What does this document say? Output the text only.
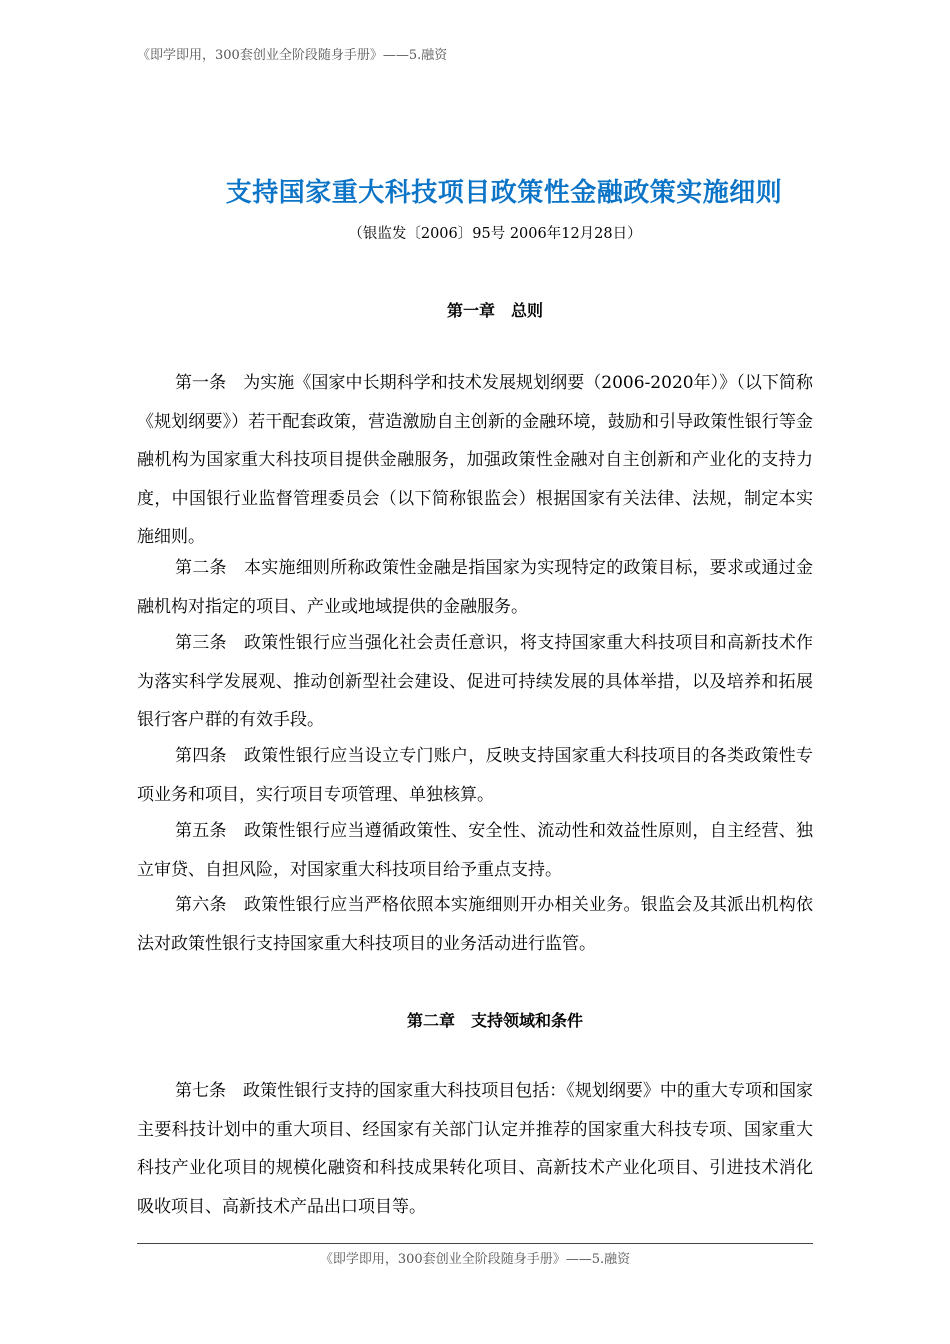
《即学即用，300套创业全阶段随身手册》——5.融资
支持国家重大科技项目政策性金融政策实施细则
（银监发〔2006〕95号 2006年12月28日）
第一章　总则

第一条　为实施《国家中长期科学和技术发展规划纲要（2006-2020年）》（以下简称《规划纲要》）若干配套政策，营造激励自主创新的金融环境，鼓励和引导政策性银行等金融机构为国家重大科技项目提供金融服务，加强政策性金融对自主创新和产业化的支持力度，中国银行业监督管理委员会（以下简称银监会）根据国家有关法律、法规，制定本实施细则。

第二条　本实施细则所称政策性金融是指国家为实现特定的政策目标，要求或通过金融机构对指定的项目、产业或地域提供的金融服务。

第三条　政策性银行应当强化社会责任意识，将支持国家重大科技项目和高新技术作为落实科学发展观、推动创新型社会建设、促进可持续发展的具体举措，以及培养和拓展银行客户群的有效手段。

第四条　政策性银行应当设立专门账户，反映支持国家重大科技项目的各类政策性专项业务和项目，实行项目专项管理、单独核算。

第五条　政策性银行应当遵循政策性、安全性、流动性和效益性原则，自主经营、独立审贷、自担风险，对国家重大科技项目给予重点支持。

第六条　政策性银行应当严格依照本实施细则开办相关业务。银监会及其派出机构依法对政策性银行支持国家重大科技项目的业务活动进行监管。

第二章　支持领域和条件

第七条　政策性银行支持的国家重大科技项目包括：《规划纲要》中的重大专项和国家主要科技计划中的重大项目、经国家有关部门认定并推荐的国家重大科技专项、国家重大科技产业化项目的规模化融资和科技成果转化项目、高新技术产业化项目、引进技术消化吸收项目、高新技术产品出口项目等。

《即学即用，300套创业全阶段随身手册》——5.融资
